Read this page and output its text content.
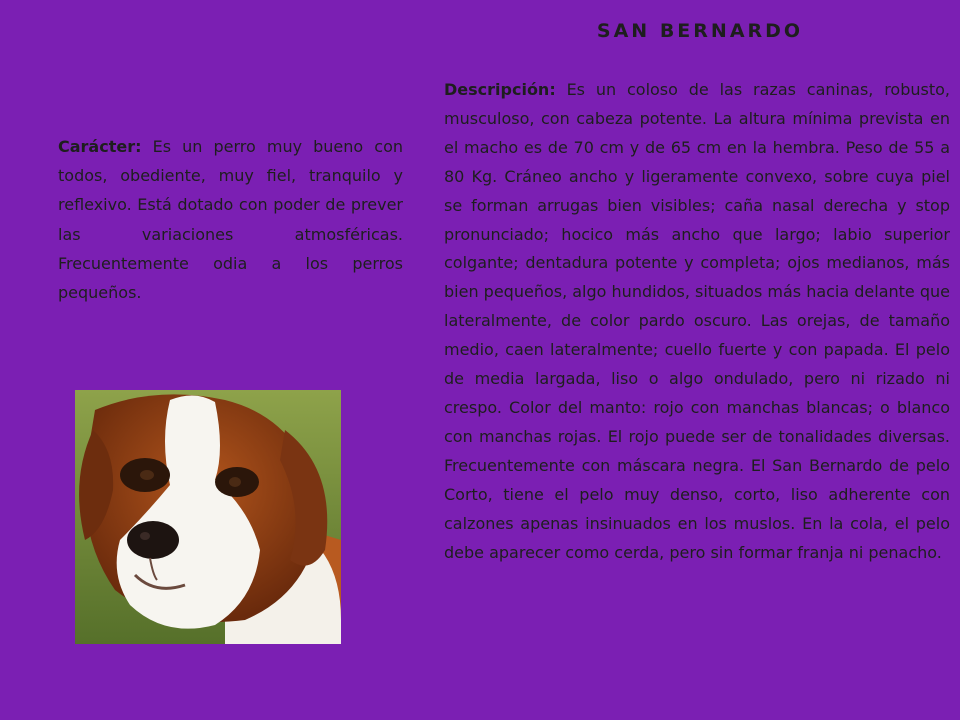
SAN BERNARDO

Descripción: Es un coloso de las razas caninas, robusto, musculoso, con cabeza potente. La altura mínima prevista en el macho es de 70 cm y de 65 cm en la hembra. Peso de 55 a 80 Kg. Cráneo ancho y ligeramente convexo, sobre cuya piel se forman arrugas bien visibles; caña nasal derecha y stop pronunciado; hocico más ancho que largo; labio superior colgante; dentadura potente y completa; ojos medianos, más bien pequeños, algo hundidos, situados más hacia delante que lateralmente, de color pardo oscuro. Las orejas, de tamaño medio, caen lateralmente; cuello fuerte y con papada. El pelo de media largada, liso o algo ondulado, pero ni rizado ni crespo. Color del manto: rojo con manchas blancas; o blanco con manchas rojas. El rojo puede ser de tonalidades diversas. Frecuentemente con máscara negra. El San Bernardo de pelo Corto, tiene el pelo muy denso, corto, liso adherente con calzones apenas insinuados en los muslos. En la cola, el pelo debe aparecer como cerda, pero sin formar franja ni penacho.

Carácter: Es un perro muy bueno con todos, obediente, muy fiel, tranquilo y reflexivo. Está dotado con poder de prever las variaciones atmosféricas. Frecuentemente odia a los perros pequeños.
